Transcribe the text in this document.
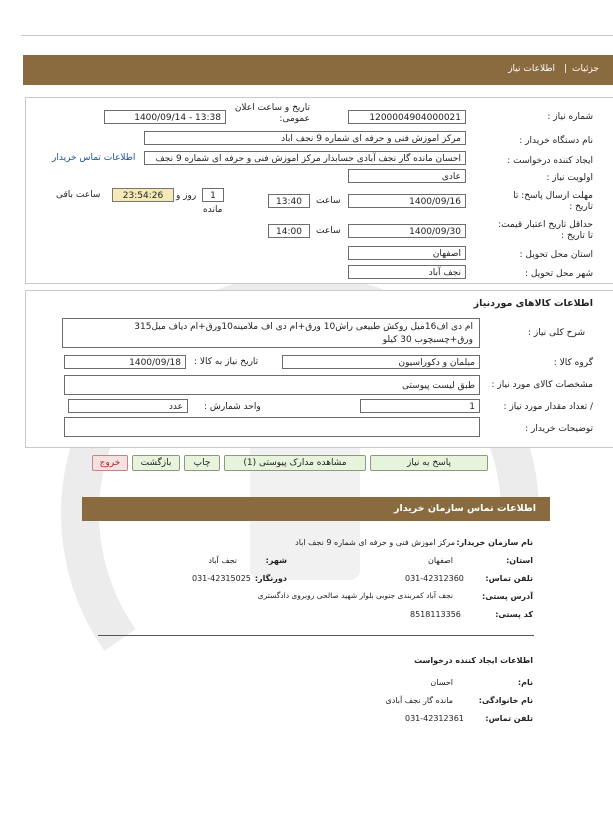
جزئیات
|
اطلاعات نیاز
شماره نیاز :
1200004904000021
تاریخ و ساعت اعلان عمومی:
1400/09/14 - 13:38
نام دستگاه خریدار :
مرکز اموزش فنی و حرفه ای شماره 9 نجف اباد
ایجاد کننده درخواست :
احسان مانده گار نجف آبادی حسابدار مرکز اموزش فنی و حرفه ای شماره 9 نجف
اطلاعات تماس خریدار
اولویت نیاز :
عادی
مهلت ارسال پاسخ: تا تاریخ :
1400/09/16
ساعت
13:40
1
روز و
23:54:26
ساعت باقی
مانده
حداقل تاریخ اعتبار قیمت: تا تاریخ :
1400/09/30
ساعت
14:00
استان محل تحویل :
اصفهان
شهر محل تحویل :
نجف آباد
اطلاعات کالاهای موردنیاز
شرح کلی نیاز :
ام دی اف16میل روکش طبیعی راش10 ورق+ام دی اف ملامینه10ورق+ام دیاف میل315
ورق+چسبچوب 30 کیلو
گروه کالا :
مبلمان و دکوراسیون
تاریخ نیاز به کالا :
1400/09/18
مشخصات کالای مورد نیاز :
طبق لیست پیوستی
/ تعداد مقدار مورد نیاز :
1
واحد شمارش :
عدد
توضیحات خریدار :
پاسخ به نیاز
مشاهده مدارک پیوستی (1)
چاپ
بازگشت
خروج
اطلاعات تماس سازمان خریدار
نام سازمان خریدار:
مرکز اموزش فنی و حرفه ای شماره 9 نجف اباد
استان:
اصفهان
شهر:
نجف آباد
تلفن تماس:
031-42312360
دورنگار:
031-42315025
آدرس پستی:
نجف آباد کمربندی جنوبی بلوار شهید صالحی روبروی دادگستری
کد پستی:
8518113356
اطلاعات ایجاد کننده درخواست
نام:
احسان
نام خانوادگی:
مانده گار نجف آبادی
تلفن تماس:
031-42312361
